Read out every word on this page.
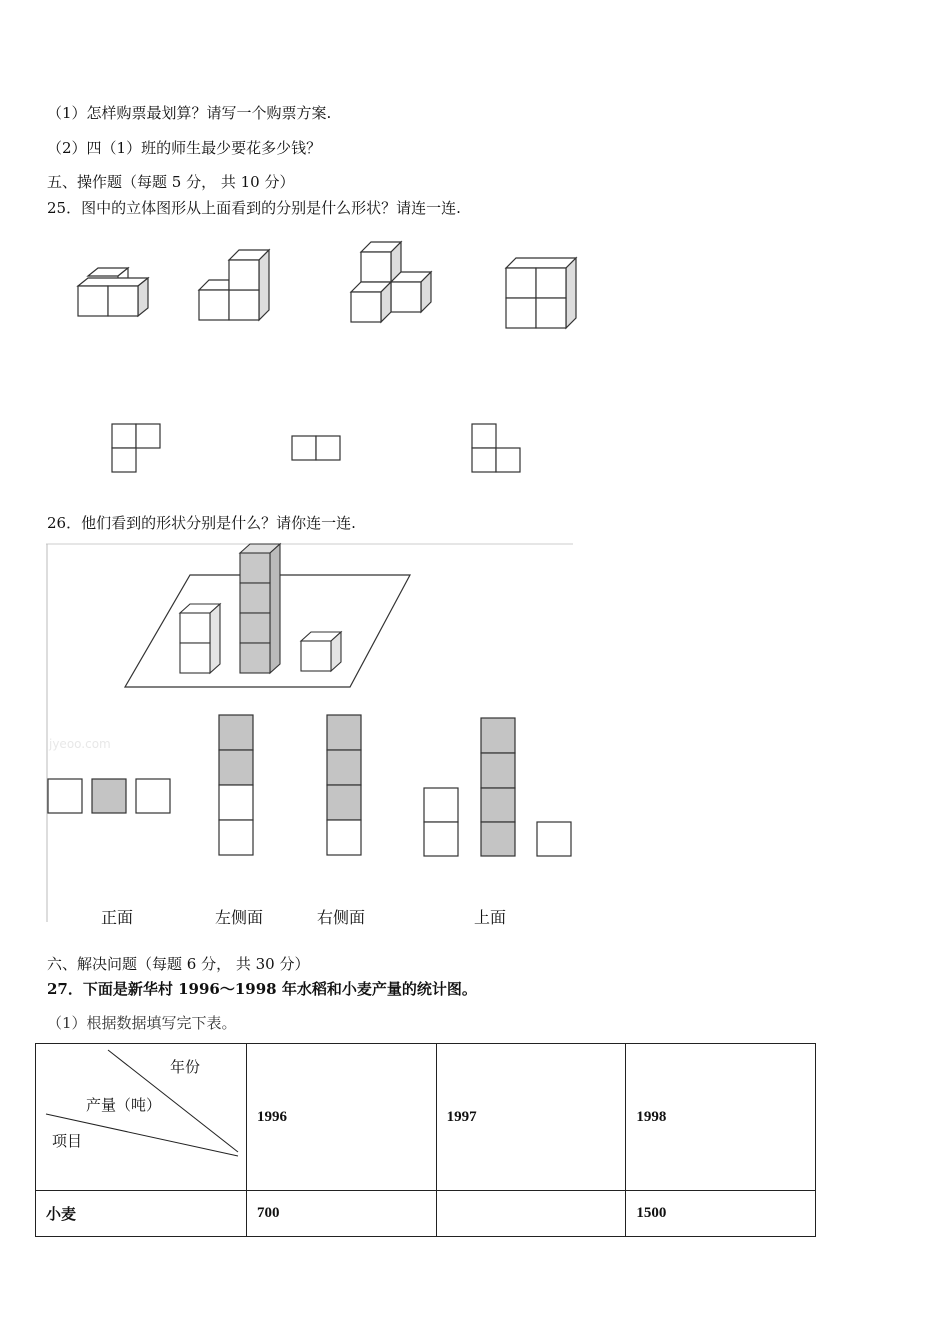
（1）怎样购票最划算？请写一个购票方案.
（2）四（1）班的师生最少要花多少钱？
五、操作题（每题 5 分， 共 10 分）
25．图中的立体图形从上面看到的分别是什么形状？请连一连.
26．他们看到的形状分别是什么？请你连一连.
jyeoo.com
正面	左侧面	右侧面	上面
六、解决问题（每题 6 分， 共 30 分）
27．下面是新华村 1996～1998 年水稻和小麦产量的统计图。
（1）根据数据填写完下表。
年份
产量（吨）
项目	1996	1997	1998
小麦	700		1500
